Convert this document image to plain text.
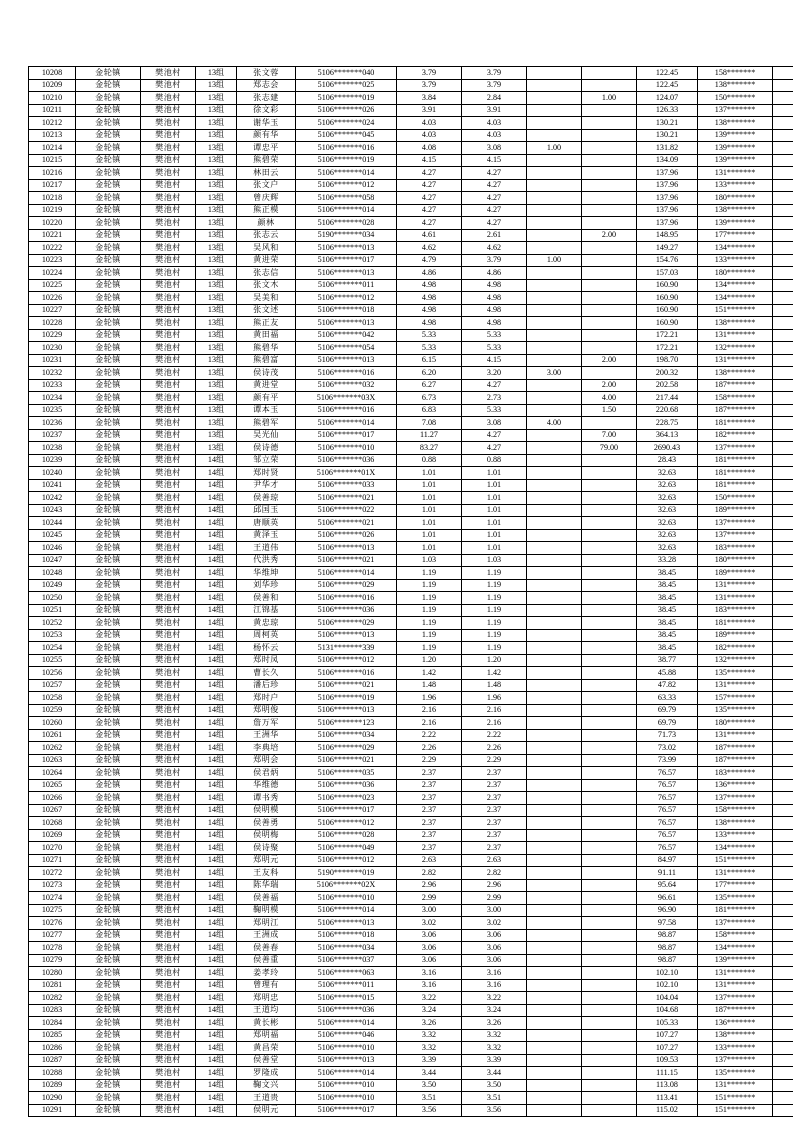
10208	金轮镇	樊池村	13组	张文蓉	5106*******040	3.79	3.79			122.45	158*******	
10209	金轮镇	樊池村	13组	郑志会	5106*******025	3.79	3.79			122.45	138*******	
10210	金轮镇	樊池村	13组	张志建	5106*******019	3.84	2.84		1.00	124.07	150*******	
10211	金轮镇	樊池村	13组	徐文彩	5106*******026	3.91	3.91			126.33	137*******	
10212	金轮镇	樊池村	13组	谢华玉	5106*******024	4.03	4.03			130.21	138*******	
10213	金轮镇	樊池村	13组	颜有华	5106*******045	4.03	4.03			130.21	139*******	
10214	金轮镇	樊池村	13组	谭忠平	5106*******016	4.08	3.08	1.00		131.82	139*******	
10215	金轮镇	樊池村	13组	熊碧荣	5106*******019	4.15	4.15			134.09	139*******	
10216	金轮镇	樊池村	13组	林田云	5106*******014	4.27	4.27			137.96	131*******	
10217	金轮镇	樊池村	13组	张文户	5106*******012	4.27	4.27			137.96	133*******	
10218	金轮镇	樊池村	13组	曾庆辉	5106*******058	4.27	4.27			137.96	180*******	
10219	金轮镇	樊池村	13组	熊正模	5106*******014	4.27	4.27			137.96	138*******	
10220	金轮镇	樊池村	13组	颜林	5106*******028	4.27	4.27			137.96	139*******	
10221	金轮镇	樊池村	13组	张志云	5190*******034	4.61	2.61		2.00	148.95	177*******	
10222	金轮镇	樊池村	13组	吴风和	5106*******013	4.62	4.62			149.27	134*******	
10223	金轮镇	樊池村	13组	黄进荣	5106*******017	4.79	3.79	1.00		154.76	133*******	
10224	金轮镇	樊池村	13组	张志信	5106*******013	4.86	4.86			157.03	180*******	
10225	金轮镇	樊池村	13组	张文木	5106*******011	4.98	4.98			160.90	134*******	
10226	金轮镇	樊池村	13组	吴美和	5106*******012	4.98	4.98			160.90	134*******	
10227	金轮镇	樊池村	13组	张文述	5106*******018	4.98	4.98			160.90	151*******	
10228	金轮镇	樊池村	13组	熊正友	5106*******013	4.98	4.98			160.90	138*******	
10229	金轮镇	樊池村	13组	黄田福	5106*******042	5.33	5.33			172.21	131*******	
10230	金轮镇	樊池村	13组	熊碧华	5106*******054	5.33	5.33			172.21	132*******	
10231	金轮镇	樊池村	13组	熊碧富	5106*******013	6.15	4.15		2.00	198.70	131*******	
10232	金轮镇	樊池村	13组	侯诗茂	5106*******016	6.20	3.20	3.00		200.32	138*******	
10233	金轮镇	樊池村	13组	黄进堂	5106*******032	6.27	4.27		2.00	202.58	187*******	
10234	金轮镇	樊池村	13组	颜有平	5106*******03X	6.73	2.73		4.00	217.44	158*******	
10235	金轮镇	樊池村	13组	谭本玉	5106*******016	6.83	5.33		1.50	220.68	187*******	
10236	金轮镇	樊池村	13组	熊碧军	5106*******014	7.08	3.08	4.00		228.75	181*******	
10237	金轮镇	樊池村	13组	吴光仙	5106*******017	11.27	4.27		7.00	364.13	182*******	
10238	金轮镇	樊池村	13组	侯诗德	5106*******010	83.27	4.27		79.00	2690.43	137*******	
10239	金轮镇	樊池村	14组	邹立荣	5106*******036	0.88	0.88			28.43	181*******	
10240	金轮镇	樊池村	14组	郑时贤	5106*******01X	1.01	1.01			32.63	181*******	
10241	金轮镇	樊池村	14组	尹华才	5106*******033	1.01	1.01			32.63	181*******	
10242	金轮镇	樊池村	14组	侯善琼	5106*******021	1.01	1.01			32.63	150*******	
10243	金轮镇	樊池村	14组	邱国玉	5106*******022	1.01	1.01			32.63	189*******	
10244	金轮镇	樊池村	14组	唐顺英	5106*******021	1.01	1.01			32.63	137*******	
10245	金轮镇	樊池村	14组	黄泽玉	5106*******026	1.01	1.01			32.63	137*******	
10246	金轮镇	樊池村	14组	王道伟	5106*******013	1.01	1.01			32.63	183*******	
10247	金轮镇	樊池村	14组	代洪秀	5106*******021	1.03	1.03			33.28	180*******	
10248	金轮镇	樊池村	14组	华维坤	5106*******014	1.19	1.19			38.45	189*******	
10249	金轮镇	樊池村	14组	刘华珍	5106*******029	1.19	1.19			38.45	131*******	
10250	金轮镇	樊池村	14组	侯善和	5106*******016	1.19	1.19			38.45	131*******	
10251	金轮镇	樊池村	14组	江锦基	5106*******036	1.19	1.19			38.45	183*******	
10252	金轮镇	樊池村	14组	黄忠琼	5106*******029	1.19	1.19			38.45	181*******	
10253	金轮镇	樊池村	14组	周柯英	5106*******013	1.19	1.19			38.45	189*******	
10254	金轮镇	樊池村	14组	杨怀云	5131*******339	1.19	1.19			38.45	182*******	
10255	金轮镇	樊池村	14组	郑时凤	5106*******012	1.20	1.20			38.77	132*******	
10256	金轮镇	樊池村	14组	曹长久	5106*******016	1.42	1.42			45.88	135*******	
10257	金轮镇	樊池村	14组	潘后珍	5106*******021	1.48	1.48			47.82	131*******	
10258	金轮镇	樊池村	14组	郑时户	5106*******019	1.96	1.96			63.33	157*******	
10259	金轮镇	樊池村	14组	郑明俊	5106*******013	2.16	2.16			69.79	135*******	
10260	金轮镇	樊池村	14组	詹万军	5106*******123	2.16	2.16			69.79	180*******	
10261	金轮镇	樊池村	14组	王洲华	5106*******034	2.22	2.22			71.73	131*******	
10262	金轮镇	樊池村	14组	李典培	5106*******029	2.26	2.26			73.02	187*******	
10263	金轮镇	樊池村	14组	郑明会	5106*******021	2.29	2.29			73.99	187*******	
10264	金轮镇	樊池村	14组	侯君炳	5106*******035	2.37	2.37			76.57	183*******	
10265	金轮镇	樊池村	14组	华维德	5106*******036	2.37	2.37			76.57	136*******	
10266	金轮镇	樊池村	14组	谭书秀	5106*******023	2.37	2.37			76.57	137*******	
10267	金轮镇	樊池村	14组	侯明模	5106*******017	2.37	2.37			76.57	158*******	
10268	金轮镇	樊池村	14组	侯善勇	5106*******012	2.37	2.37			76.57	138*******	
10269	金轮镇	樊池村	14组	侯明梅	5106*******028	2.37	2.37			76.57	133*******	
10270	金轮镇	樊池村	14组	侯诗聚	5106*******049	2.37	2.37			76.57	134*******	
10271	金轮镇	樊池村	14组	郑明元	5106*******012	2.63	2.63			84.97	151*******	
10272	金轮镇	樊池村	14组	王友科	5190*******019	2.82	2.82			91.11	131*******	
10273	金轮镇	樊池村	14组	陈华瑞	5106*******02X	2.96	2.96			95.64	177*******	
10274	金轮镇	樊池村	14组	侯善福	5106*******010	2.99	2.99			96.61	135*******	
10275	金轮镇	樊池村	14组	鞠明模	5106*******014	3.00	3.00			96.90	181*******	
10276	金轮镇	樊池村	14组	郑明江	5106*******013	3.02	3.02			97.58	137*******	
10277	金轮镇	樊池村	14组	王洲成	5106*******018	3.06	3.06			98.87	158*******	
10278	金轮镇	樊池村	14组	侯善春	5106*******034	3.06	3.06			98.87	134*******	
10279	金轮镇	樊池村	14组	侯善重	5106*******037	3.06	3.06			98.87	139*******	
10280	金轮镇	樊池村	14组	姜孝玲	5106*******063	3.16	3.16			102.10	131*******	
10281	金轮镇	樊池村	14组	曾理有	5106*******011	3.16	3.16			102.10	131*******	
10282	金轮镇	樊池村	14组	郑明忠	5106*******015	3.22	3.22			104.04	137*******	
10283	金轮镇	樊池村	14组	王道均	5106*******036	3.24	3.24			104.68	187*******	
10284	金轮镇	樊池村	14组	黄长彬	5106*******014	3.26	3.26			105.33	136*******	
10285	金轮镇	樊池村	14组	郑明福	5106*******046	3.32	3.32			107.27	138*******	
10286	金轮镇	樊池村	14组	黄昌荣	5106*******010	3.32	3.32			107.27	133*******	
10287	金轮镇	樊池村	14组	侯善堂	5106*******013	3.39	3.39			109.53	137*******	
10288	金轮镇	樊池村	14组	罗隆成	5106*******014	3.44	3.44			111.15	135*******	
10289	金轮镇	樊池村	14组	鞠文兴	5106*******010	3.50	3.50			113.08	131*******	
10290	金轮镇	樊池村	14组	王道贵	5106*******010	3.51	3.51			113.41	151*******	
10291	金轮镇	樊池村	14组	侯明元	5106*******017	3.56	3.56			115.02	151*******	
